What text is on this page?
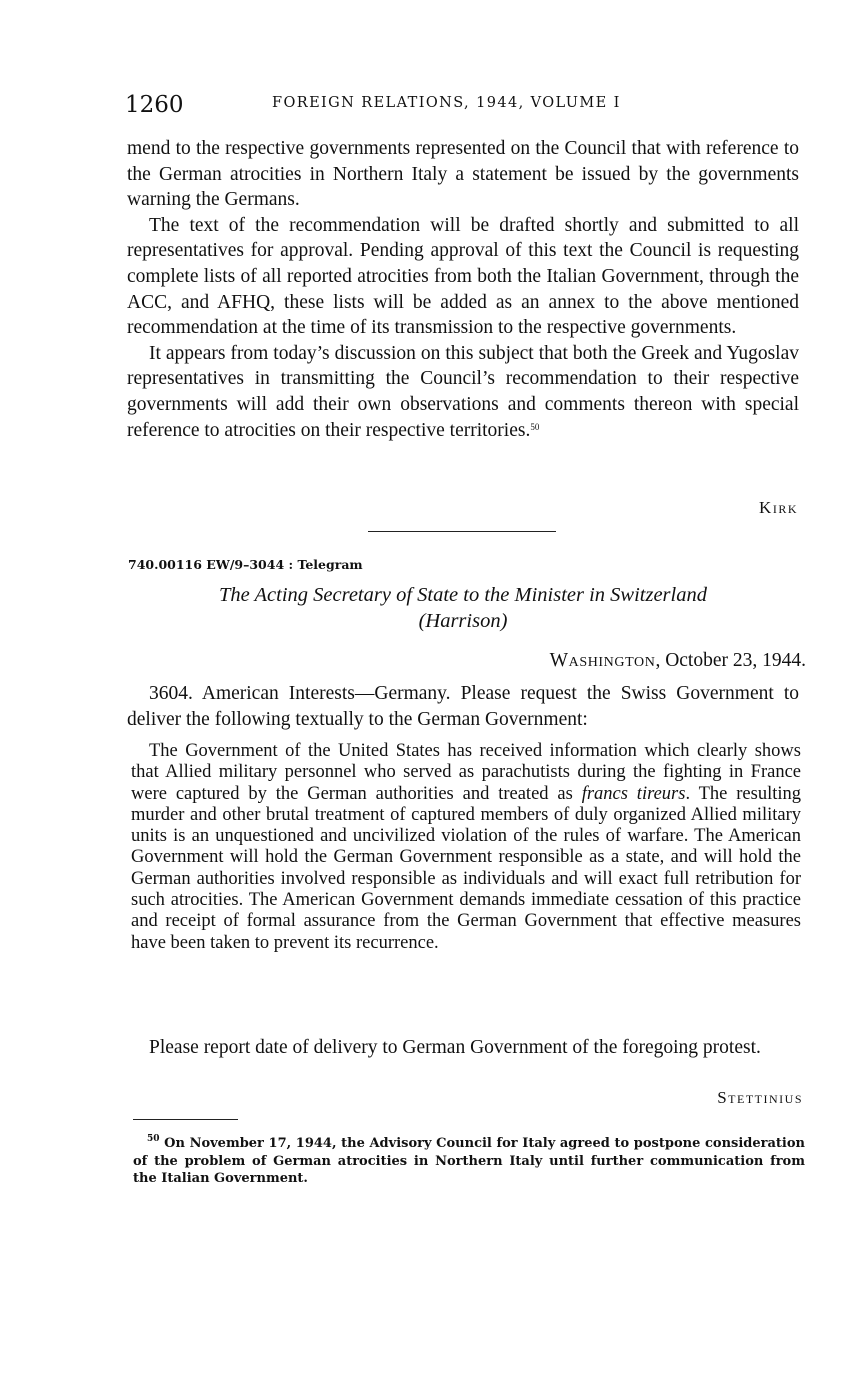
1260	FOREIGN RELATIONS, 1944, VOLUME I

mend to the respective governments represented on the Council that with reference to the German atrocities in Northern Italy a statement be issued by the governments warning the Germans.

The text of the recommendation will be drafted shortly and submitted to all representatives for approval. Pending approval of this text the Council is requesting complete lists of all reported atrocities from both the Italian Government, through the ACC, and AFHQ, these lists will be added as an annex to the above mentioned recommendation at the time of its transmission to the respective governments.

It appears from today’s discussion on this subject that both the Greek and Yugoslav representatives in transmitting the Council’s recommendation to their respective governments will add their own observations and comments thereon with special reference to atrocities on their respective territories.$^{50}$

Kirk
740.00116 EW/9–3044 : Telegram
The Acting Secretary of State to the Minister in Switzerland
(Harrison)
Washington, October 23, 1944.

3604. American Interests—Germany. Please request the Swiss Government to deliver the following textually to the German Government:

The Government of the United States has received information which clearly shows that Allied military personnel who served as parachutists during the fighting in France were captured by the German authorities and treated as francs tireurs. The resulting murder and other brutal treatment of captured members of duly organized Allied military units is an unquestioned and uncivilized violation of the rules of warfare. The American Government will hold the German Government responsible as a state, and will hold the German authorities involved responsible as individuals and will exact full retribution for such atrocities. The American Government demands immediate cessation of this practice and receipt of formal assurance from the German Government that effective measures have been taken to prevent its recurrence.

Please report date of delivery to German Government of the foregoing protest.

Stettinius

$^{50}$ On November 17, 1944, the Advisory Council for Italy agreed to postpone consideration of the problem of German atrocities in Northern Italy until further communication from the Italian Government.
